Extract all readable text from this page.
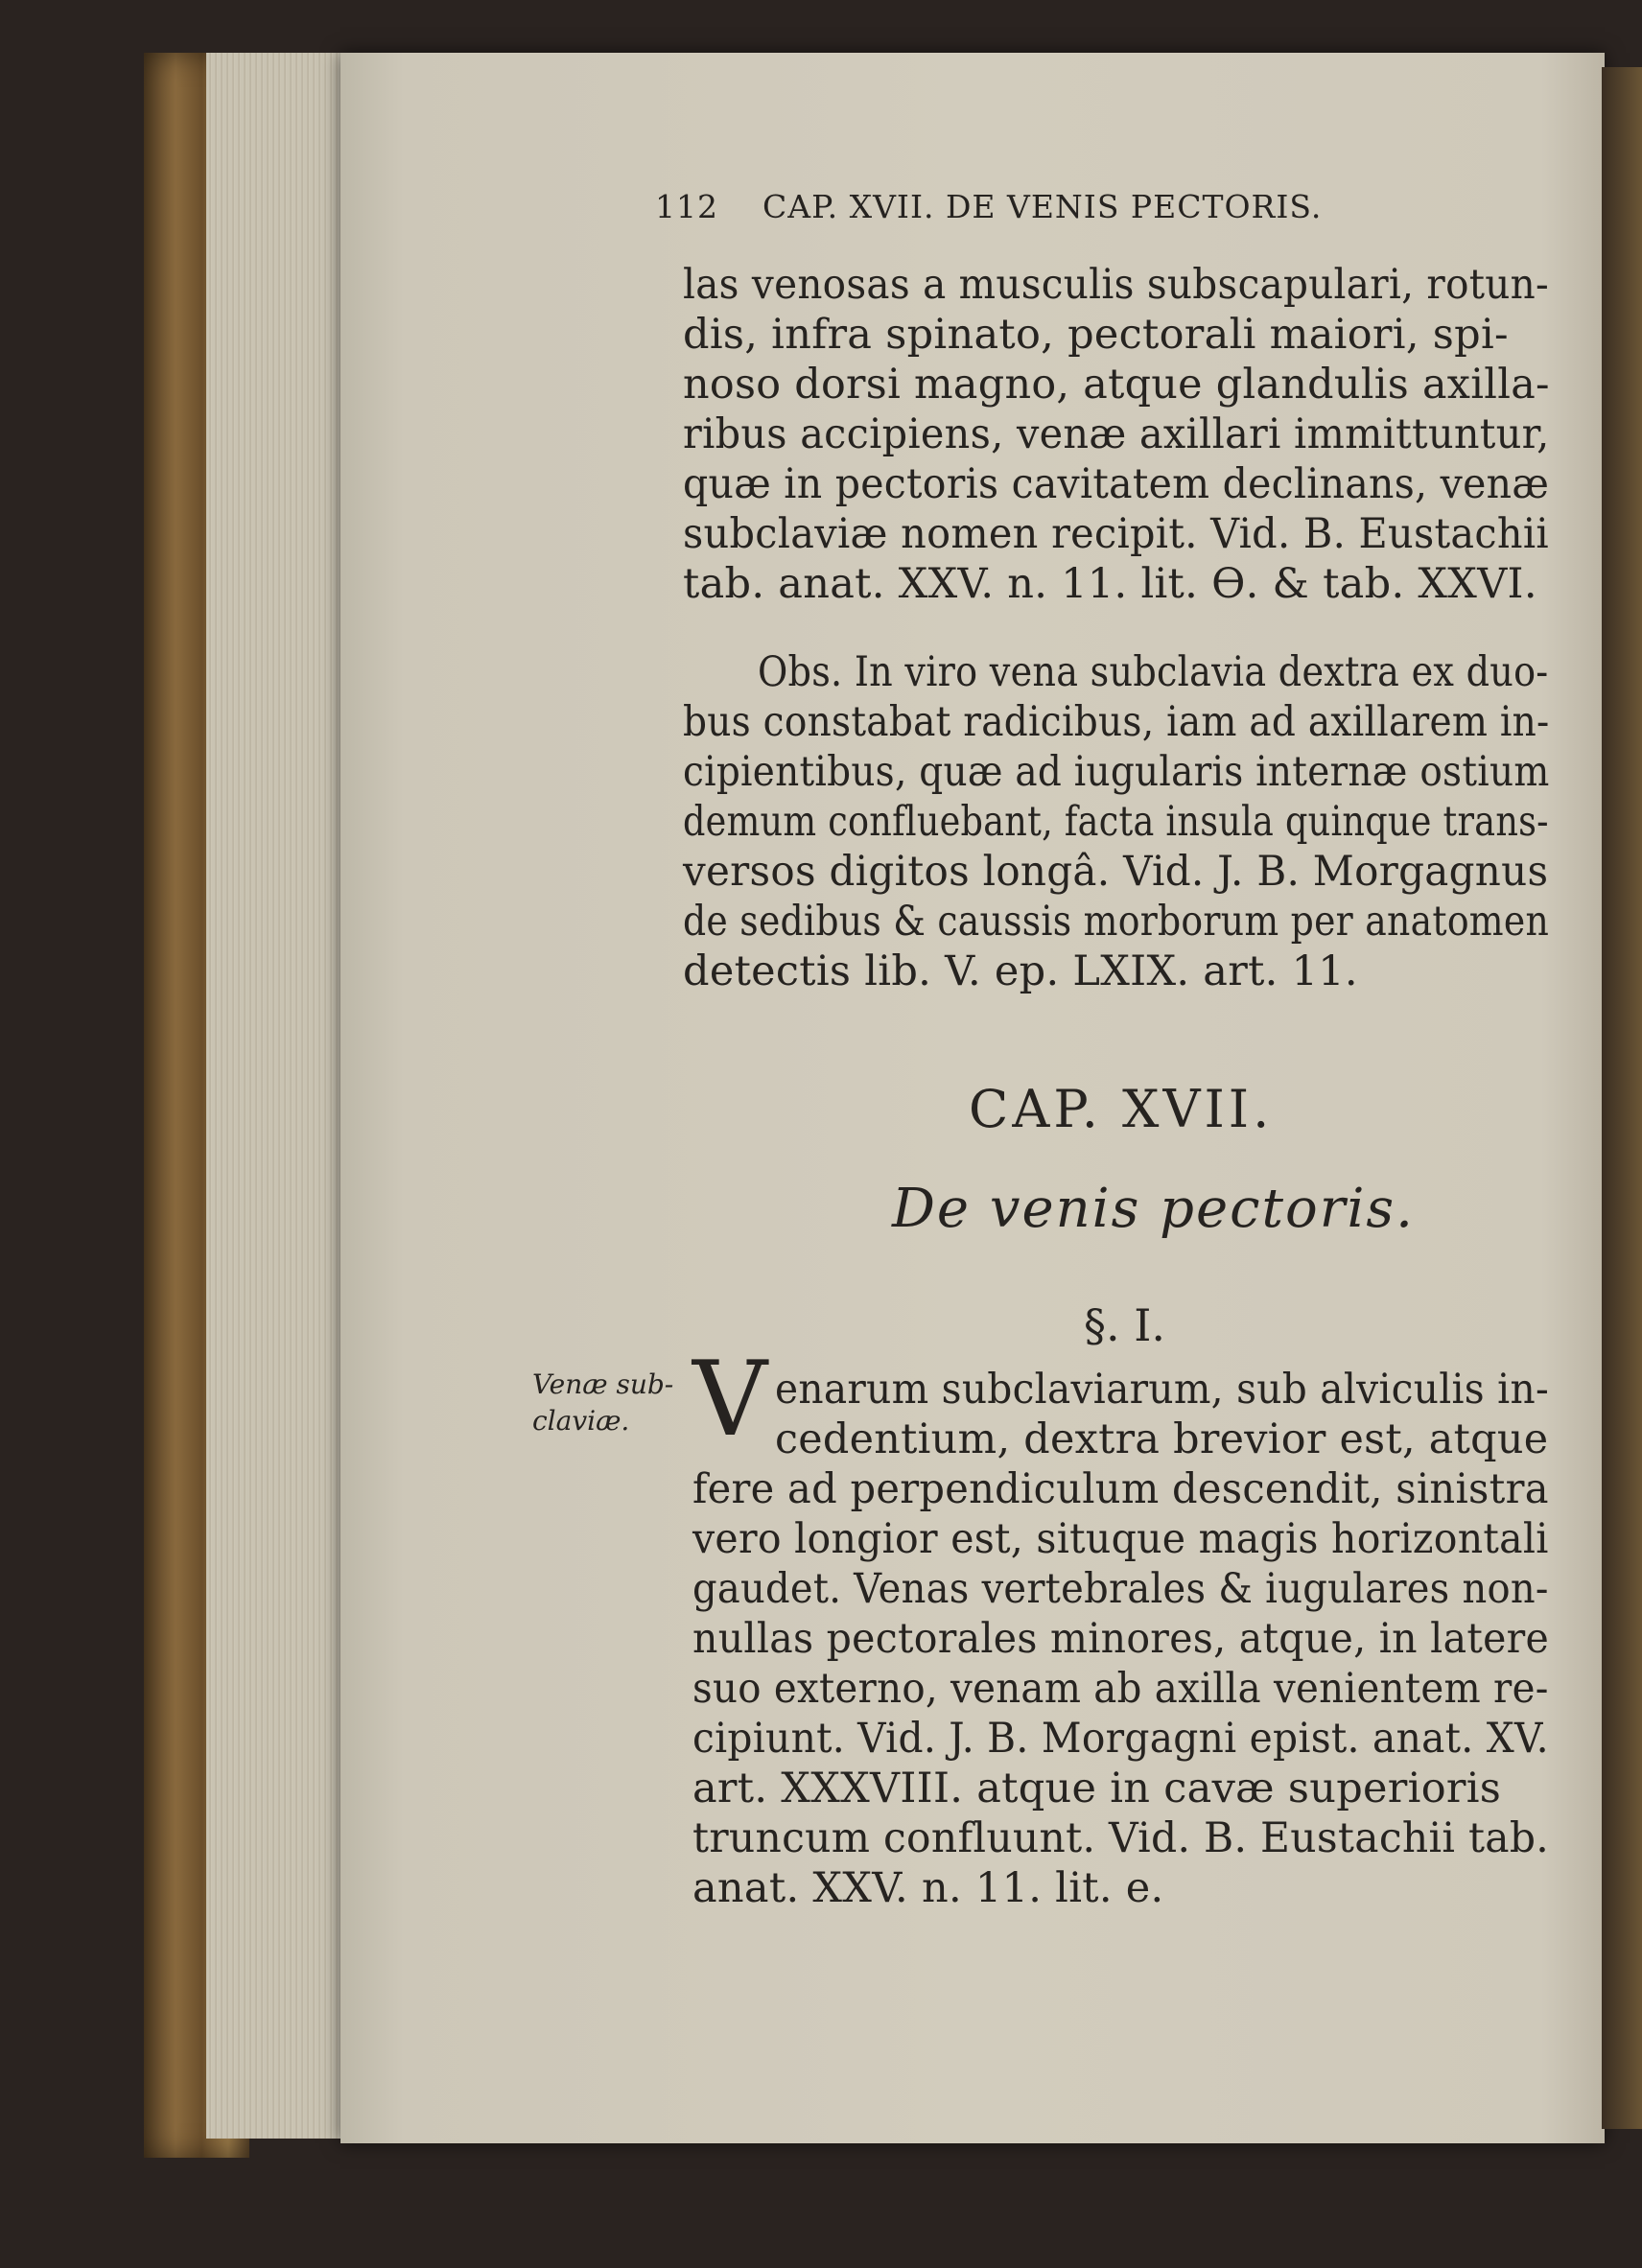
112 CAP. XVII. DE VENIS PECTORIS.

las venosas a musculis subscapulari, rotun-

dis, infra spinato, pectorali maiori, spi-

noso dorsi magno, atque glandulis axilla-

ribus accipiens, venæ axillari immittuntur,

quæ in pectoris cavitatem declinans, venæ

subclaviæ nomen recipit. Vid. B. Eustachii

tab. anat. XXV. n. 11. lit. ϴ. & tab. XXVI.

Obs. In viro vena subclavia dextra ex duo-

bus constabat radicibus, iam ad axillarem in-

cipientibus, quæ ad iugularis internæ ostium

demum confluebant, facta insula quinque trans-

versos digitos longâ. Vid. J. B. Morgagnus

de sedibus & caussis morborum per anatomen

detectis lib. V. ep. LXIX. art. 11.

CAP. XVII.

De venis pectoris.

§. I.

Venæ sub-

claviæ. V enarum subclaviarum, sub alviculis in-

cedentium, dextra brevior est, atque

fere ad perpendiculum descendit, sinistra

vero longior est, situque magis horizontali

gaudet. Venas vertebrales & iugulares non-

nullas pectorales minores, atque, in latere

suo externo, venam ab axilla venientem re-

cipiunt. Vid. J. B. Morgagni epist. anat. XV.

art. XXXVIII. atque in cavæ superioris

truncum confluunt. Vid. B. Eustachii tab.

anat. XXV. n. 11. lit. e.
